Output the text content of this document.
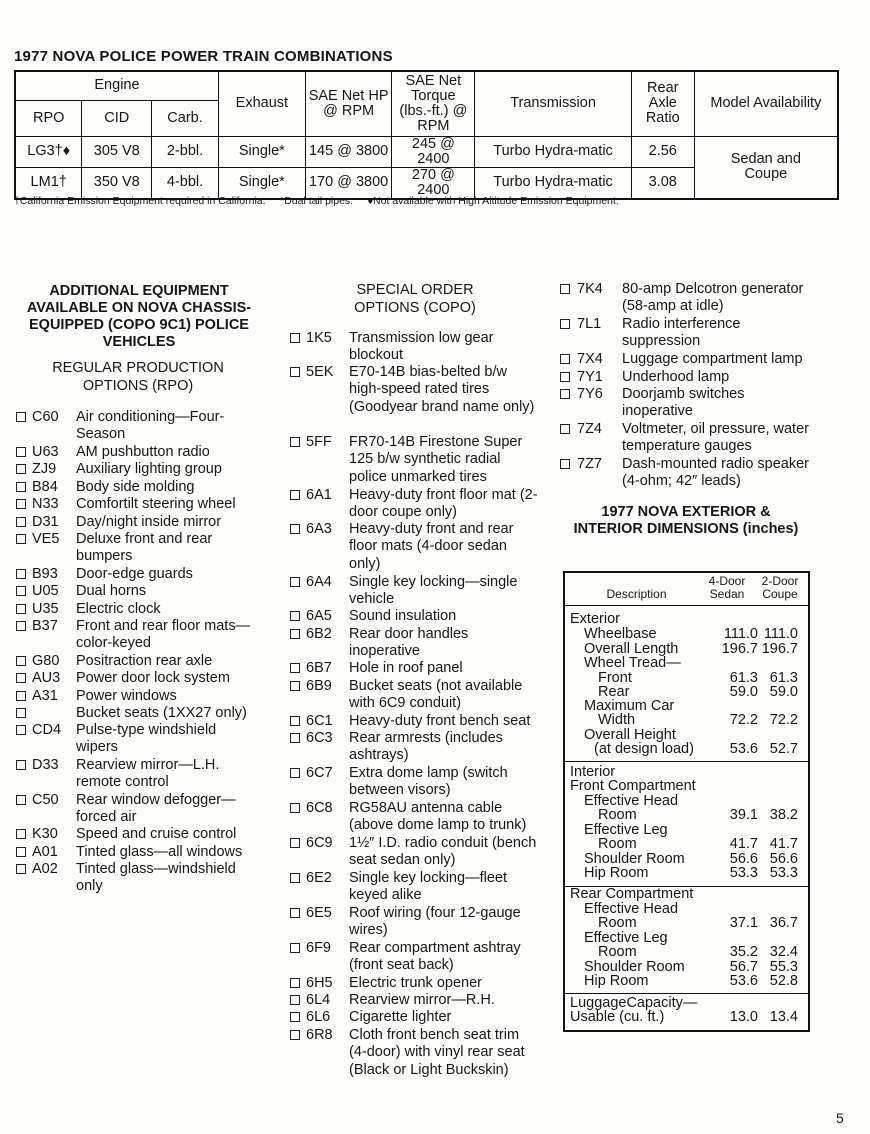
1977 NOVA POLICE POWER TRAIN COMBINATIONS
Engine			Exhaust	SAE Net HP @ RPM	SAE Net Torque (lbs.-ft.) @ RPM	Transmission	Rear Axle Ratio	Model Availability
RPO	CID	Carb.						
LG3†♦	305 V8	2-bbl.	Single*	145 @ 3800	245 @ 2400	Turbo Hydra-matic	2.56	Sedan and Coupe
LM1†	350 V8	4-bbl.	Single*	170 @ 3800	270 @ 2400	Turbo Hydra-matic	3.08	
†California Emission Equipment required in California.     *Dual tail pipes.     ♦Not available with High Altitude Emission Equipment.
ADDITIONAL EQUIPMENT AVAILABLE ON NOVA CHASSIS-EQUIPPED (COPO 9C1) POLICE VEHICLES
REGULAR PRODUCTION OPTIONS (RPO)
C60 Air conditioning—Four-Season
U63 AM pushbutton radio
ZJ9 Auxiliary lighting group
B84 Body side molding
N33 Comfortilt steering wheel
D31 Day/night inside mirror
VE5 Deluxe front and rear bumpers
B93 Door-edge guards
U05 Dual horns
U35 Electric clock
B37 Front and rear floor mats—color-keyed
G80 Positraction rear axle
AU3 Power door lock system
A31 Power windows
Bucket seats (1XX27 only)
CD4 Pulse-type windshield wipers
D33 Rearview mirror—L.H. remote control
C50 Rear window defogger—forced air
K30 Speed and cruise control
A01 Tinted glass—all windows
A02 Tinted glass—windshield only
SPECIAL ORDER OPTIONS (COPO)
1K5 Transmission low gear blockout
5EK E70-14B bias-belted b/w high-speed rated tires (Goodyear brand name only)
5FF FR70-14B Firestone Super 125 b/w synthetic radial police unmarked tires
6A1 Heavy-duty front floor mat (2-door coupe only)
6A3 Heavy-duty front and rear floor mats (4-door sedan only)
6A4 Single key locking—single vehicle
6A5 Sound insulation
6B2 Rear door handles inoperative
6B7 Hole in roof panel
6B9 Bucket seats (not available with 6C9 conduit)
6C1 Heavy-duty front bench seat
6C3 Rear armrests (includes ashtrays)
6C7 Extra dome lamp (switch between visors)
6C8 RG58AU antenna cable (above dome lamp to trunk)
6C9 1½″ I.D. radio conduit (bench seat sedan only)
6E2 Single key locking—fleet keyed alike
6E5 Roof wiring (four 12-gauge wires)
6F9 Rear compartment ashtray (front seat back)
6H5 Electric trunk opener
6L4 Rearview mirror—R.H.
6L6 Cigarette lighter
6R8 Cloth front bench seat trim (4-door) with vinyl rear seat (Black or Light Buckskin)
7K4 80-amp Delcotron generator (58-amp at idle)
7L1 Radio interference suppression
7X4 Luggage compartment lamp
7Y1 Underhood lamp
7Y6 Doorjamb switches inoperative
7Z4 Voltmeter, oil pressure, water temperature gauges
7Z7 Dash-mounted radio speaker (4-ohm; 42″ leads)
1977 NOVA EXTERIOR & INTERIOR DIMENSIONS (inches)
Description
4-Door Sedan
2-Door Coupe
Exterior
Wheelbase	111.0 111.0
Overall Length	196.7 196.7
Wheel Tread—
Front	61.3 61.3
Rear	59.0 59.0
Maximum Car
Width	72.2 72.2
Overall Height
(at design load)	53.6 52.7
Interior
Front Compartment
Effective Head
Room	39.1 38.2
Effective Leg
Room	41.7 41.7
Shoulder Room	56.6 56.6
Hip Room	53.3 53.3
Rear Compartment
Effective Head
Room	37.1 36.7
Effective Leg
Room	35.2 32.4
Shoulder Room	56.7 55.3
Hip Room	53.6 52.8
LuggageCapacity—
Usable (cu. ft.)	13.0 13.4
5
